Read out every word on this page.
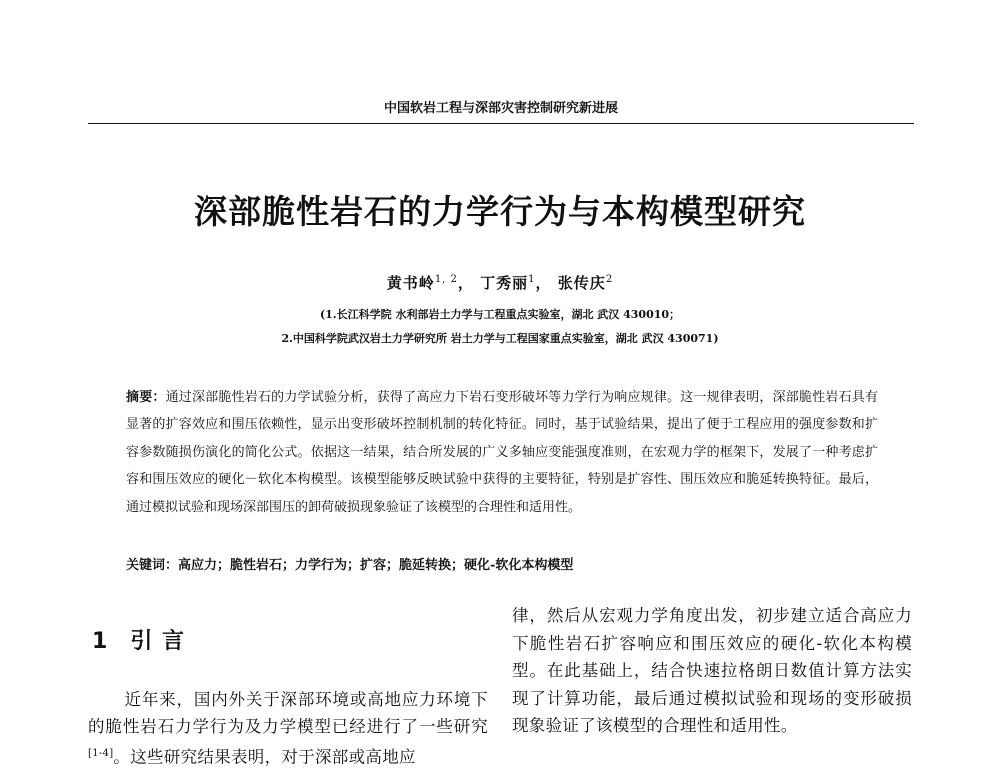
中国软岩工程与深部灾害控制研究新进展
深部脆性岩石的力学行为与本构模型研究
黄书岭$^{1, 2}$， 丁秀丽$^1$， 张传庆$^2$
(1.长江科学院 水利部岩土力学与工程重点实验室，湖北 武汉 430010；
2.中国科学院武汉岩土力学研究所 岩土力学与工程国家重点实验室，湖北 武汉 430071)
摘要：通过深部脆性岩石的力学试验分析，获得了高应力下岩石变形破坏等力学行为响应规律。这一规律表明，深部脆性岩石具有显著的扩容效应和围压依赖性，显示出变形破坏控制机制的转化特征。同时，基于试验结果，提出了便于工程应用的强度参数和扩容参数随损伤演化的简化公式。依据这一结果，结合所发展的广义多轴应变能强度准则，在宏观力学的框架下，发展了一种考虑扩容和围压效应的硬化－软化本构模型。该模型能够反映试验中获得的主要特征，特别是扩容性、围压效应和脆延转换特征。最后，通过模拟试验和现场深部围压的卸荷破损现象验证了该模型的合理性和适用性。
关键词：高应力；脆性岩石；力学行为；扩容；脆延转换；硬化-软化本构模型
1 引 言
近年来，国内外关于深部环境或高地应力环境下的脆性岩石力学行为及力学模型已经进行了一些研究[1-4]。这些研究结果表明，对于深部或高地应
律，然后从宏观力学角度出发，初步建立适合高应力下脆性岩石扩容响应和围压效应的硬化-软化本构模型。在此基础上，结合快速拉格朗日数值计算方法实现了计算功能，最后通过模拟试验和现场的变形破损现象验证了该模型的合理性和适用性。
